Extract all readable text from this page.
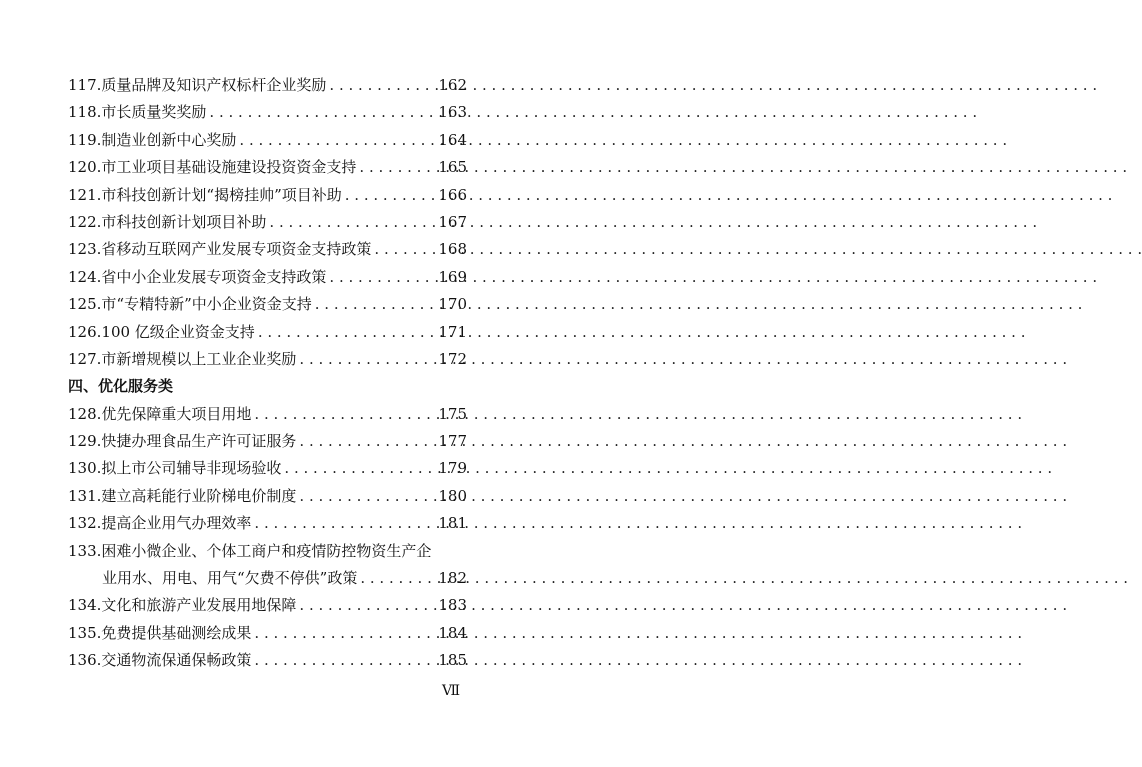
117. 质量品牌及知识产权标杆企业奖励 . . .	162
118. 市长质量奖奖励 . . .	163
119. 制造业创新中心奖励 . . .	164
120. 市工业项目基础设施建设投资资金支持 . . .	165
121. 市科技创新计划“揭榜挂帅”项目补助 . . .	166
122. 市科技创新计划项目补助 . . .	167
123. 省移动互联网产业发展专项资金支持政策 . . .	168
124. 省中小企业发展专项资金支持政策 . . .	169
125. 市“专精特新”中小企业资金支持 . . .	170
126. 100 亿级企业资金支持 . . .	171
127. 市新增规模以上工业企业奖励 . . .	172
四、优化服务类
128. 优先保障重大项目用地 . . .	175
129. 快捷办理食品生产许可证服务 . . .	177
130. 拟上市公司辅导非现场验收 . . .	179
131. 建立高耗能行业阶梯电价制度 . . .	180
132. 提高企业用气办理效率 . . .	181
133. 困难小微企业、个体工商户和疫情防控物资生产企
业用水、用电、用气“欠费不停供”政策 . . .	182
134. 文化和旅游产业发展用地保障 . . .	183
135. 免费提供基础测绘成果 . . .	184
136. 交通物流保通保畅政策 . . .	185
Ⅶ
